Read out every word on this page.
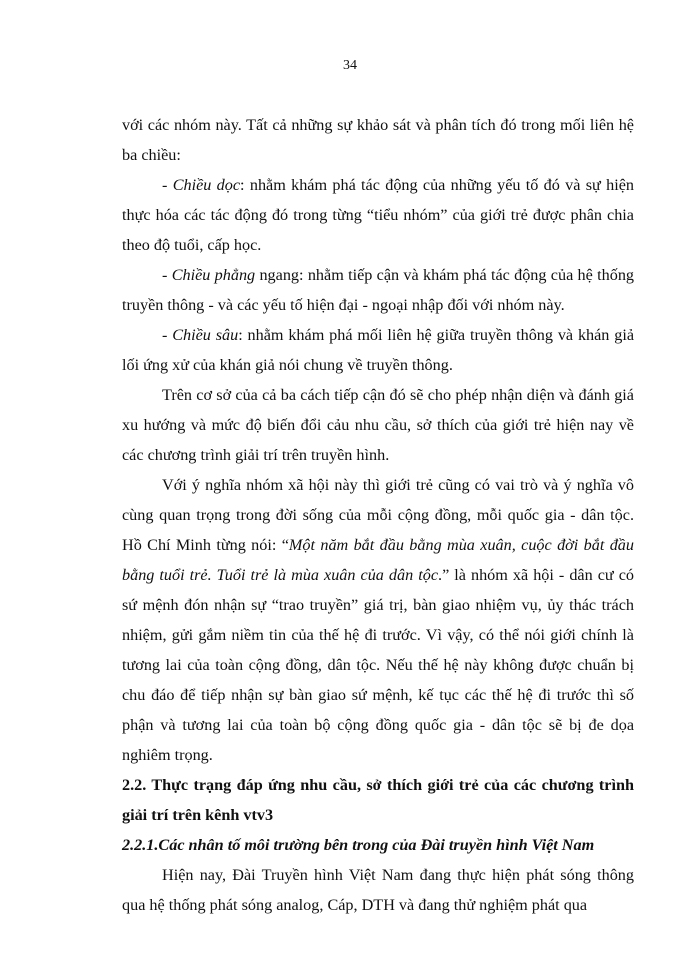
34

với các nhóm này. Tất cả những sự khảo sát và phân tích đó trong mối liên hệ ba chiều:

- Chiều dọc: nhằm khám phá tác động của những yếu tố đó và sự hiện thực hóa các tác động đó trong từng “tiểu nhóm” của giới trẻ được phân chia theo độ tuổi, cấp học.

- Chiều phẳng ngang: nhằm tiếp cận và khám phá tác động của hệ thống truyền thông - và các yếu tố hiện đại - ngoại nhập đối với nhóm này.

- Chiều sâu: nhằm khám phá mối liên hệ giữa truyền thông và khán giả lối ứng xử của khán giả nói chung về truyền thông.

Trên cơ sở của cả ba cách tiếp cận đó sẽ cho phép nhận diện và đánh giá xu hướng và mức độ biến đổi cảu nhu cầu, sở thích của giới trẻ hiện nay về các chương trình giải trí trên truyền hình.

Với ý nghĩa nhóm xã hội này thì giới trẻ cũng có vai trò và ý nghĩa vô cùng quan trọng trong đời sống của mỗi cộng đồng, mỗi quốc gia - dân tộc. Hồ Chí Minh từng nói: “Một năm bắt đầu bằng mùa xuân, cuộc đời bắt đầu bằng tuổi trẻ. Tuổi trẻ là mùa xuân của dân tộc.” là nhóm xã hội - dân cư có sứ mệnh đón nhận sự “trao truyền” giá trị, bàn giao nhiệm vụ, ủy thác trách nhiệm, gửi gắm niềm tin của thế hệ đi trước. Vì vậy, có thể nói giới chính là tương lai của toàn cộng đồng, dân tộc. Nếu thế hệ này không được chuẩn bị chu đáo để tiếp nhận sự bàn giao sứ mệnh, kế tục các thế hệ đi trước thì số phận và tương lai của toàn bộ cộng đồng quốc gia - dân tộc sẽ bị đe dọa nghiêm trọng.

2.2. Thực trạng đáp ứng nhu cầu, sở thích giới trẻ của các chương trình giải trí trên kênh vtv3
2.2.1.Các nhân tố môi trường bên trong của Đài truyền hình Việt Nam

Hiện nay, Đài Truyền hình Việt Nam đang thực hiện phát sóng thông qua hệ thống phát sóng analog, Cáp, DTH và đang thử nghiệm phát qua
